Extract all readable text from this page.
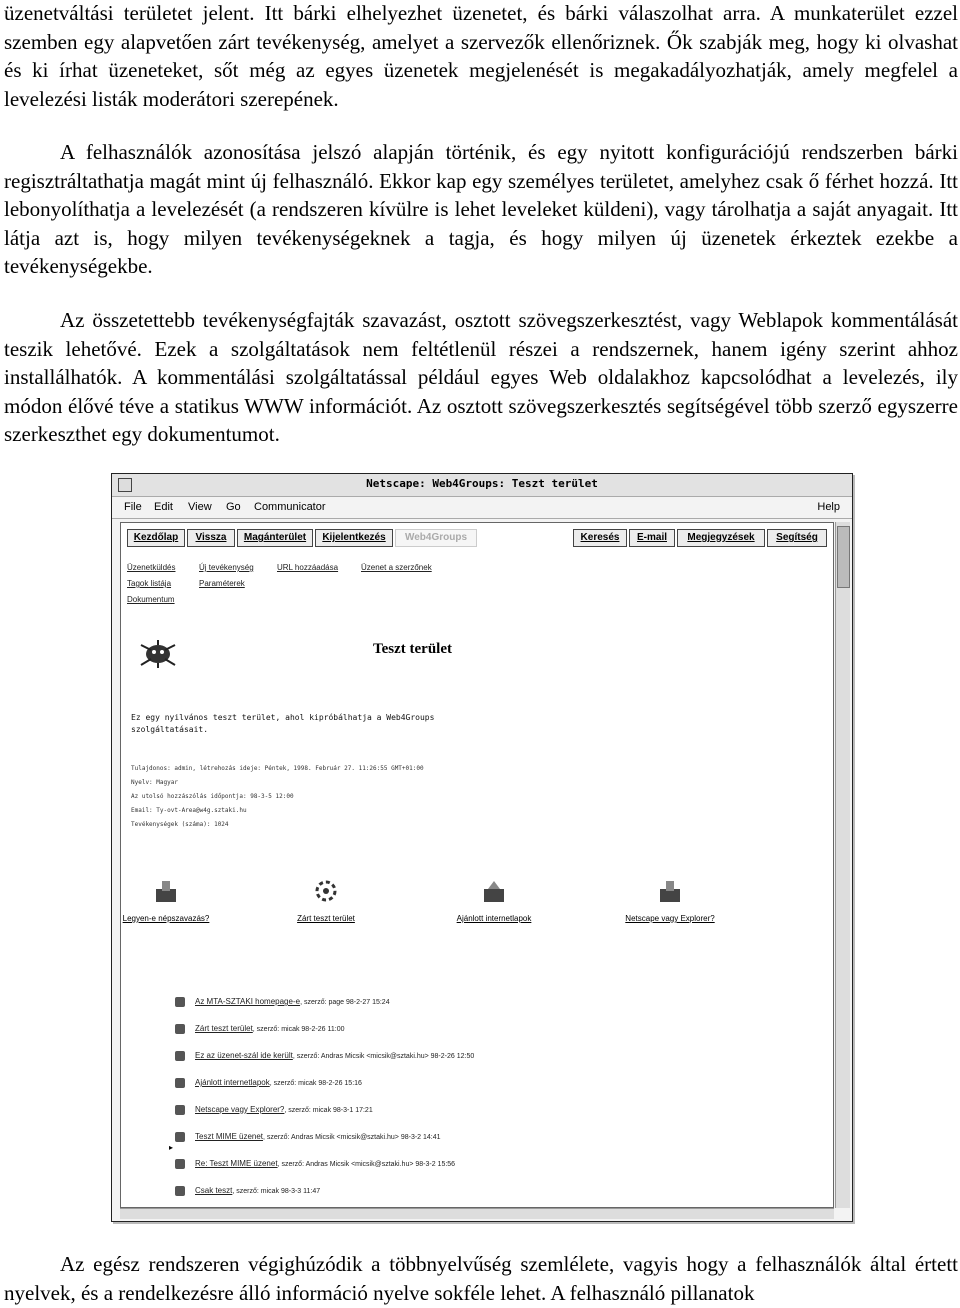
üzenetváltási területet jelent. Itt bárki elhelyezhet üzenetet, és bárki válaszolhat arra. A munkaterület ezzel szemben egy alapvetően zárt tevékenység, amelyet a szervezők ellenőriznek. Ők szabják meg, hogy ki olvashat és ki írhat üzeneteket, sőt még az egyes üzenetek megjelenését is megakadályozhatják, amely megfelel a levelezési listák moderátori szerepének.

A felhasználók azonosítása jelszó alapján történik, és egy nyitott konfigurációjú rendszerben bárki regisztráltathatja magát mint új felhasználó. Ekkor kap egy személyes területet, amelyhez csak ő férhet hozzá. Itt lebonyolíthatja a levelezését (a rendszeren kívülre is lehet leveleket küldeni), vagy tárolhatja a saját anyagait. Itt látja azt is, hogy milyen tevékenységeknek a tagja, és hogy milyen új üzenetek érkeztek ezekbe a tevékenységekbe.

Az összetettebb tevékenységfajták szavazást, osztott szövegszerkesztést, vagy Weblapok kommentálását teszik lehetővé. Ezek a szolgáltatások nem feltétlenül részei a rendszernek, hanem igény szerint ahhoz installálhatók. A kommentálási szolgáltatással például egyes Web oldalakhoz kapcsolódhat a levelezés, ily módon élővé téve a statikus WWW információt. Az osztott szövegszerkesztés segítségével több szerző egyszerre szerkeszthet egy dokumentumot.

Netscape: Web4Groups: Teszt terület
File Edit View Go Communicator	Help
Kezdőlap	Vissza	Magánterület	Kijelentkezés	Web4Groups	Keresés	E-mail	Megjegyzések	Segítség
Üzenetküldés	Új tevékenység	URL hozzáadása	Üzenet a szerzőnek
Tagok listája	Paraméterek
Dokumentum
Teszt terület
Ez egy nyilvános teszt terület, ahol kipróbálhatja a Web4Groups
szolgáltatásait.
Tulajdonos: admin, létrehozás ideje: Péntek, 1998. Február 27. 11:26:55 GMT+01:00
Nyelv: Magyar
Az utolsó hozzászólás időpontja: 98-3-5 12:00
Email: Ty-ovt-Area@w4g.sztaki.hu
Tevékenységek (száma): 1024
Legyen-e népszavazás?	Zárt teszt terület	Ajánlott internetlapok	Netscape vagy Explorer?
Az MTA-SZTAKI homepage-e, szerző: page 98-2-27 15:24
Zárt teszt terület, szerző: micak 98-2-26 11:00
Ez az üzenet-szál ide került, szerző: Andras Micsik <micsik@sztaki.hu> 98-2-26 12:50
Ajánlott internetlapok, szerző: micak 98-2-26 15:16
Netscape vagy Explorer?, szerző: micak 98-3-1 17:21
Teszt MIME üzenet, szerző: Andras Micsik <micsik@sztaki.hu> 98-3-2 14:41
Re: Teszt MIME üzenet, szerző: Andras Micsik <micsik@sztaki.hu> 98-3-2 15:56
Csak teszt, szerző: micak 98-3-3 11:47
▸

Az egész rendszeren végighúzódik a többnyelvűség szemlélete, vagyis hogy a felhasználók által értett nyelvek, és a rendelkezésre álló információ nyelve sokféle lehet. A felhasználó pillanatok
